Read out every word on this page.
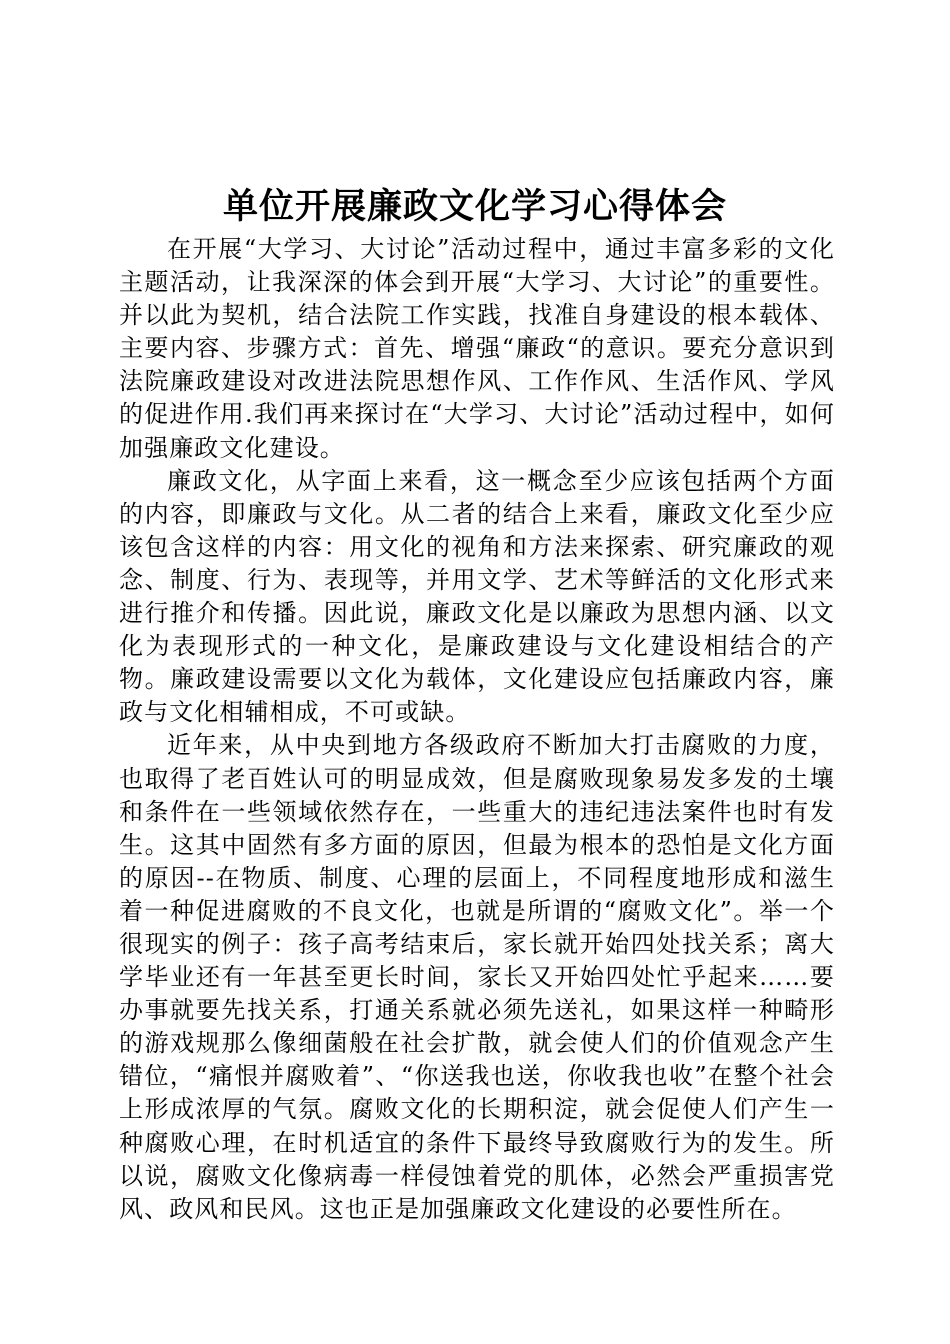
单位开展廉政文化学习心得体会

在开展“大学习、大讨论”活动过程中，通过丰富多彩的文化主题活动，让我深深的体会到开展“大学习、大讨论”的重要性。并以此为契机，结合法院工作实践，找准自身建设的根本载体、主要内容、步骤方式：首先、增强“廉政“的意识。要充分意识到法院廉政建设对改进法院思想作风、工作作风、生活作风、学风的促进作用.我们再来探讨在“大学习、大讨论”活动过程中，如何加强廉政文化建设。

廉政文化，从字面上来看，这一概念至少应该包括两个方面的内容，即廉政与文化。从二者的结合上来看，廉政文化至少应该包含这样的内容：用文化的视角和方法来探索、研究廉政的观念、制度、行为、表现等，并用文学、艺术等鲜活的文化形式来进行推介和传播。因此说，廉政文化是以廉政为思想内涵、以文化为表现形式的一种文化，是廉政建设与文化建设相结合的产物。廉政建设需要以文化为载体，文化建设应包括廉政内容，廉政与文化相辅相成，不可或缺。

近年来，从中央到地方各级政府不断加大打击腐败的力度，也取得了老百姓认可的明显成效，但是腐败现象易发多发的土壤和条件在一些领域依然存在，一些重大的违纪违法案件也时有发生。这其中固然有多方面的原因，但最为根本的恐怕是文化方面的原因--在物质、制度、心理的层面上，不同程度地形成和滋生着一种促进腐败的不良文化，也就是所谓的“腐败文化”。举一个很现实的例子：孩子高考结束后，家长就开始四处找关系；离大学毕业还有一年甚至更长时间，家长又开始四处忙乎起来……要办事就要先找关系，打通关系就必须先送礼，如果这样一种畸形的游戏规那么像细菌般在社会扩散，就会使人们的价值观念产生错位，“痛恨并腐败着”、“你送我也送，你收我也收”在整个社会上形成浓厚的气氛。腐败文化的长期积淀，就会促使人们产生一种腐败心理，在时机适宜的条件下最终导致腐败行为的发生。所以说，腐败文化像病毒一样侵蚀着党的肌体，必然会严重损害党风、政风和民风。这也正是加强廉政文化建设的必要性所在。
